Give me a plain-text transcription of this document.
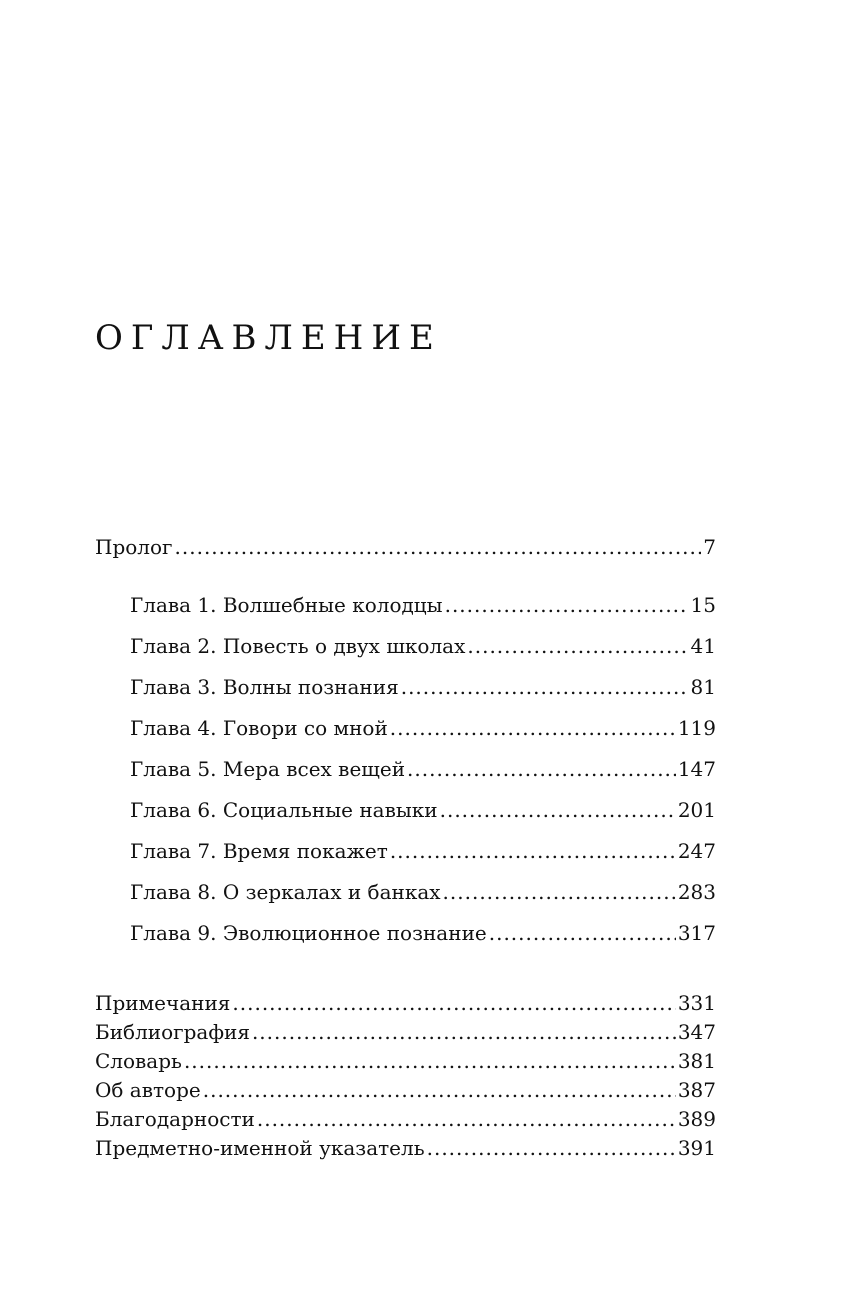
ОГЛАВЛЕНИЕ
Пролог .....	7
Глава 1. Волшебные колодцы .....	15
Глава 2. Повесть о двух школах .....	41
Глава 3. Волны познания .....	81
Глава 4. Говори со мной .....	119
Глава 5. Мера всех вещей .....	147
Глава 6. Социальные навыки .....	201
Глава 7. Время покажет .....	247
Глава 8. О зеркалах и банках .....	283
Глава 9. Эволюционное познание .....	317
Примечания .....	331
Библиография .....	347
Словарь .....	381
Об авторе .....	387
Благодарности .....	389
Предметно-именной указатель .....	391
